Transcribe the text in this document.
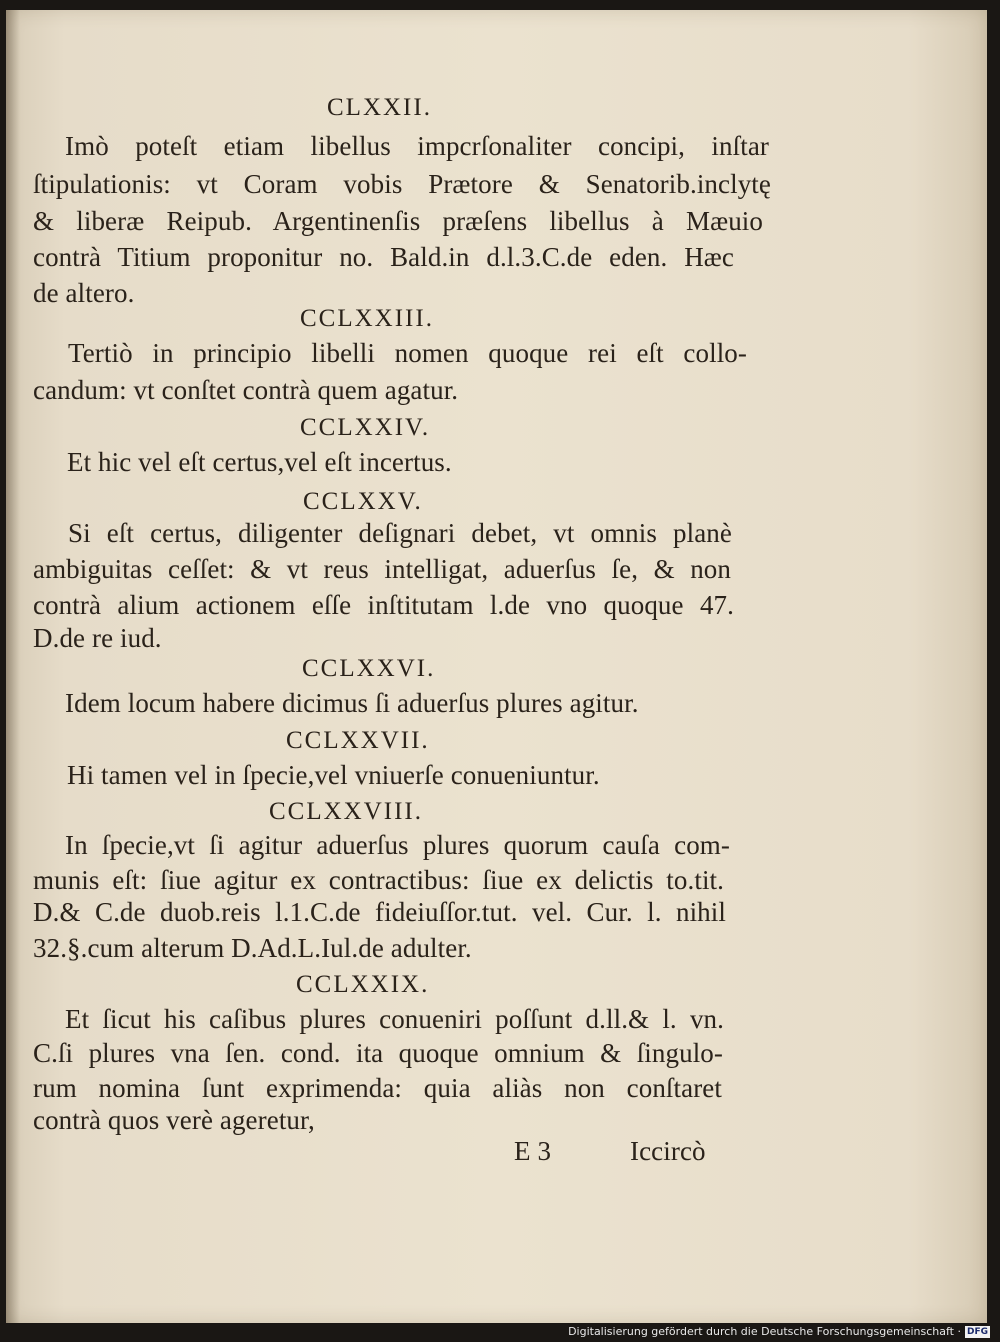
CLXXII.
Imò poteſt etiam libellus impcrſonaliter concipi, inſtar
ſtipulationis: vt Coram vobis Prætore & Senatorib.inclytę
& liberæ Reipub. Argentinenſis præſens libellus à Mæuio
contrà Titium proponitur no. Bald.in d.l.3.C.de eden. Hæc
de altero.
CCLXXIII.
Tertiò in principio libelli nomen quoque rei eſt collo-
candum: vt conſtet contrà quem agatur.
CCLXXIV.
Et hic vel eſt certus,vel eſt incertus.
CCLXXV.
Si eſt certus, diligenter deſignari debet, vt omnis planè
ambiguitas ceſſet: & vt reus intelligat, aduerſus ſe, & non
contrà alium actionem eſſe inſtitutam l.de vno quoque 47.
D.de re iud.
CCLXXVI.
Idem locum habere dicimus ſi aduerſus plures agitur.
CCLXXVII.
Hi tamen vel in ſpecie,vel vniuerſe conueniuntur.
CCLXXVIII.
In ſpecie,vt ſi agitur aduerſus plures quorum cauſa com-
munis eſt: ſiue agitur ex contractibus: ſiue ex delictis to.tit.
D.& C.de duob.reis l.1.C.de fideiuſſor.tut. vel. Cur. l. nihil
32.§.cum alterum D.Ad.L.Iul.de adulter.
CCLXXIX.
Et ſicut his caſibus plures conueniri poſſunt d.ll.& l. vn.
C.ſi plures vna ſen. cond. ita quoque omnium & ſingulo-
rum nomina ſunt exprimenda: quia aliàs non conſtaret
contrà quos verè ageretur,
E 3	Iccircò
Digitalisierung gefördert durch die Deutsche Forschungsgemeinschaft · DFG
